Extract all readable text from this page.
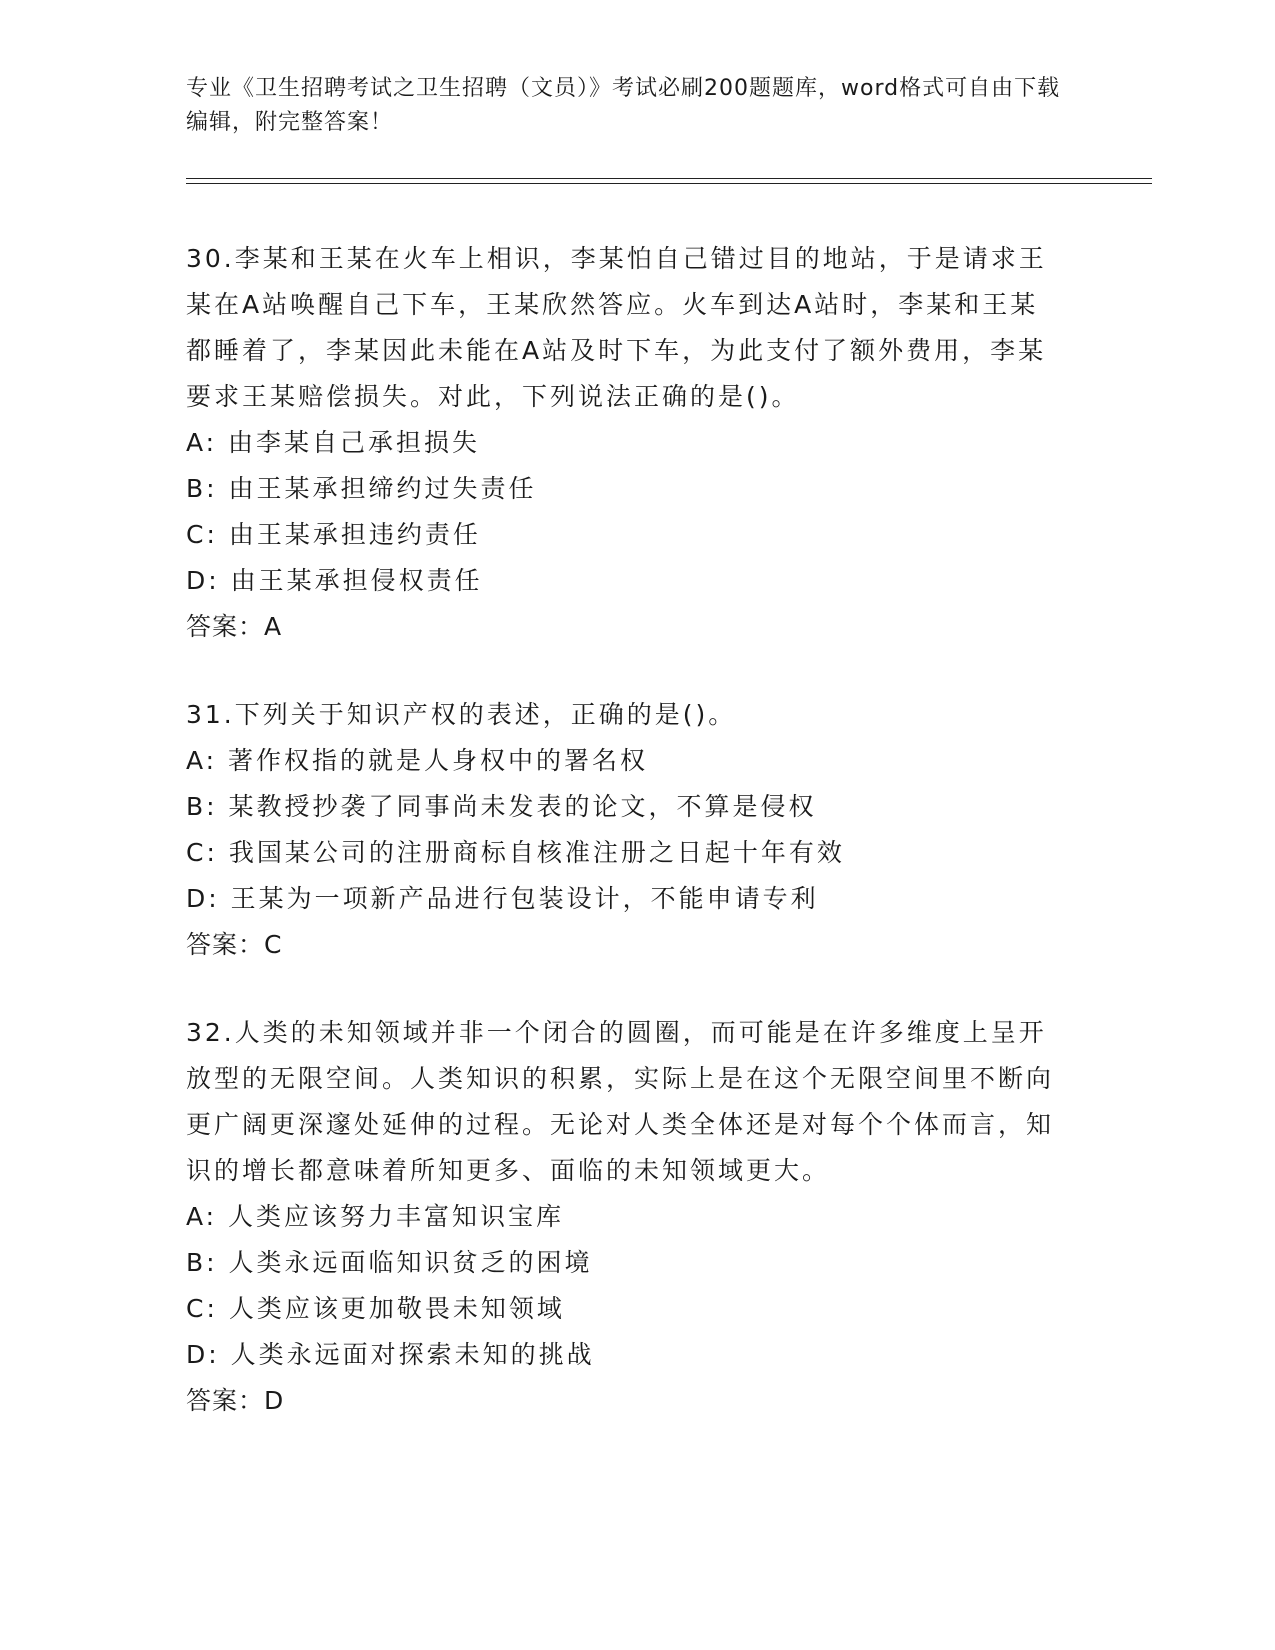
专业《卫生招聘考试之卫生招聘（文员）》考试必刷200题题库，word格式可自由下载编辑，附完整答案！

30.李某和王某在火车上相识，李某怕自己错过目的地站，于是请求王某在A站唤醒自己下车，王某欣然答应。火车到达A站时，李某和王某都睡着了，李某因此未能在A站及时下车，为此支付了额外费用，李某要求王某赔偿损失。对此，下列说法正确的是()。

A: 由李某自己承担损失

B: 由王某承担缔约过失责任

C: 由王某承担违约责任

D: 由王某承担侵权责任

答案：A

31.下列关于知识产权的表述，正确的是()。

A: 著作权指的就是人身权中的署名权

B: 某教授抄袭了同事尚未发表的论文，不算是侵权

C: 我国某公司的注册商标自核准注册之日起十年有效

D: 王某为一项新产品进行包装设计，不能申请专利

答案：C

32.人类的未知领域并非一个闭合的圆圈，而可能是在许多维度上呈开放型的无限空间。人类知识的积累，实际上是在这个无限空间里不断向更广阔更深邃处延伸的过程。无论对人类全体还是对每个个体而言，知识的增长都意味着所知更多、面临的未知领域更大。

A: 人类应该努力丰富知识宝库

B: 人类永远面临知识贫乏的困境

C: 人类应该更加敬畏未知领域

D: 人类永远面对探索未知的挑战

答案：D
